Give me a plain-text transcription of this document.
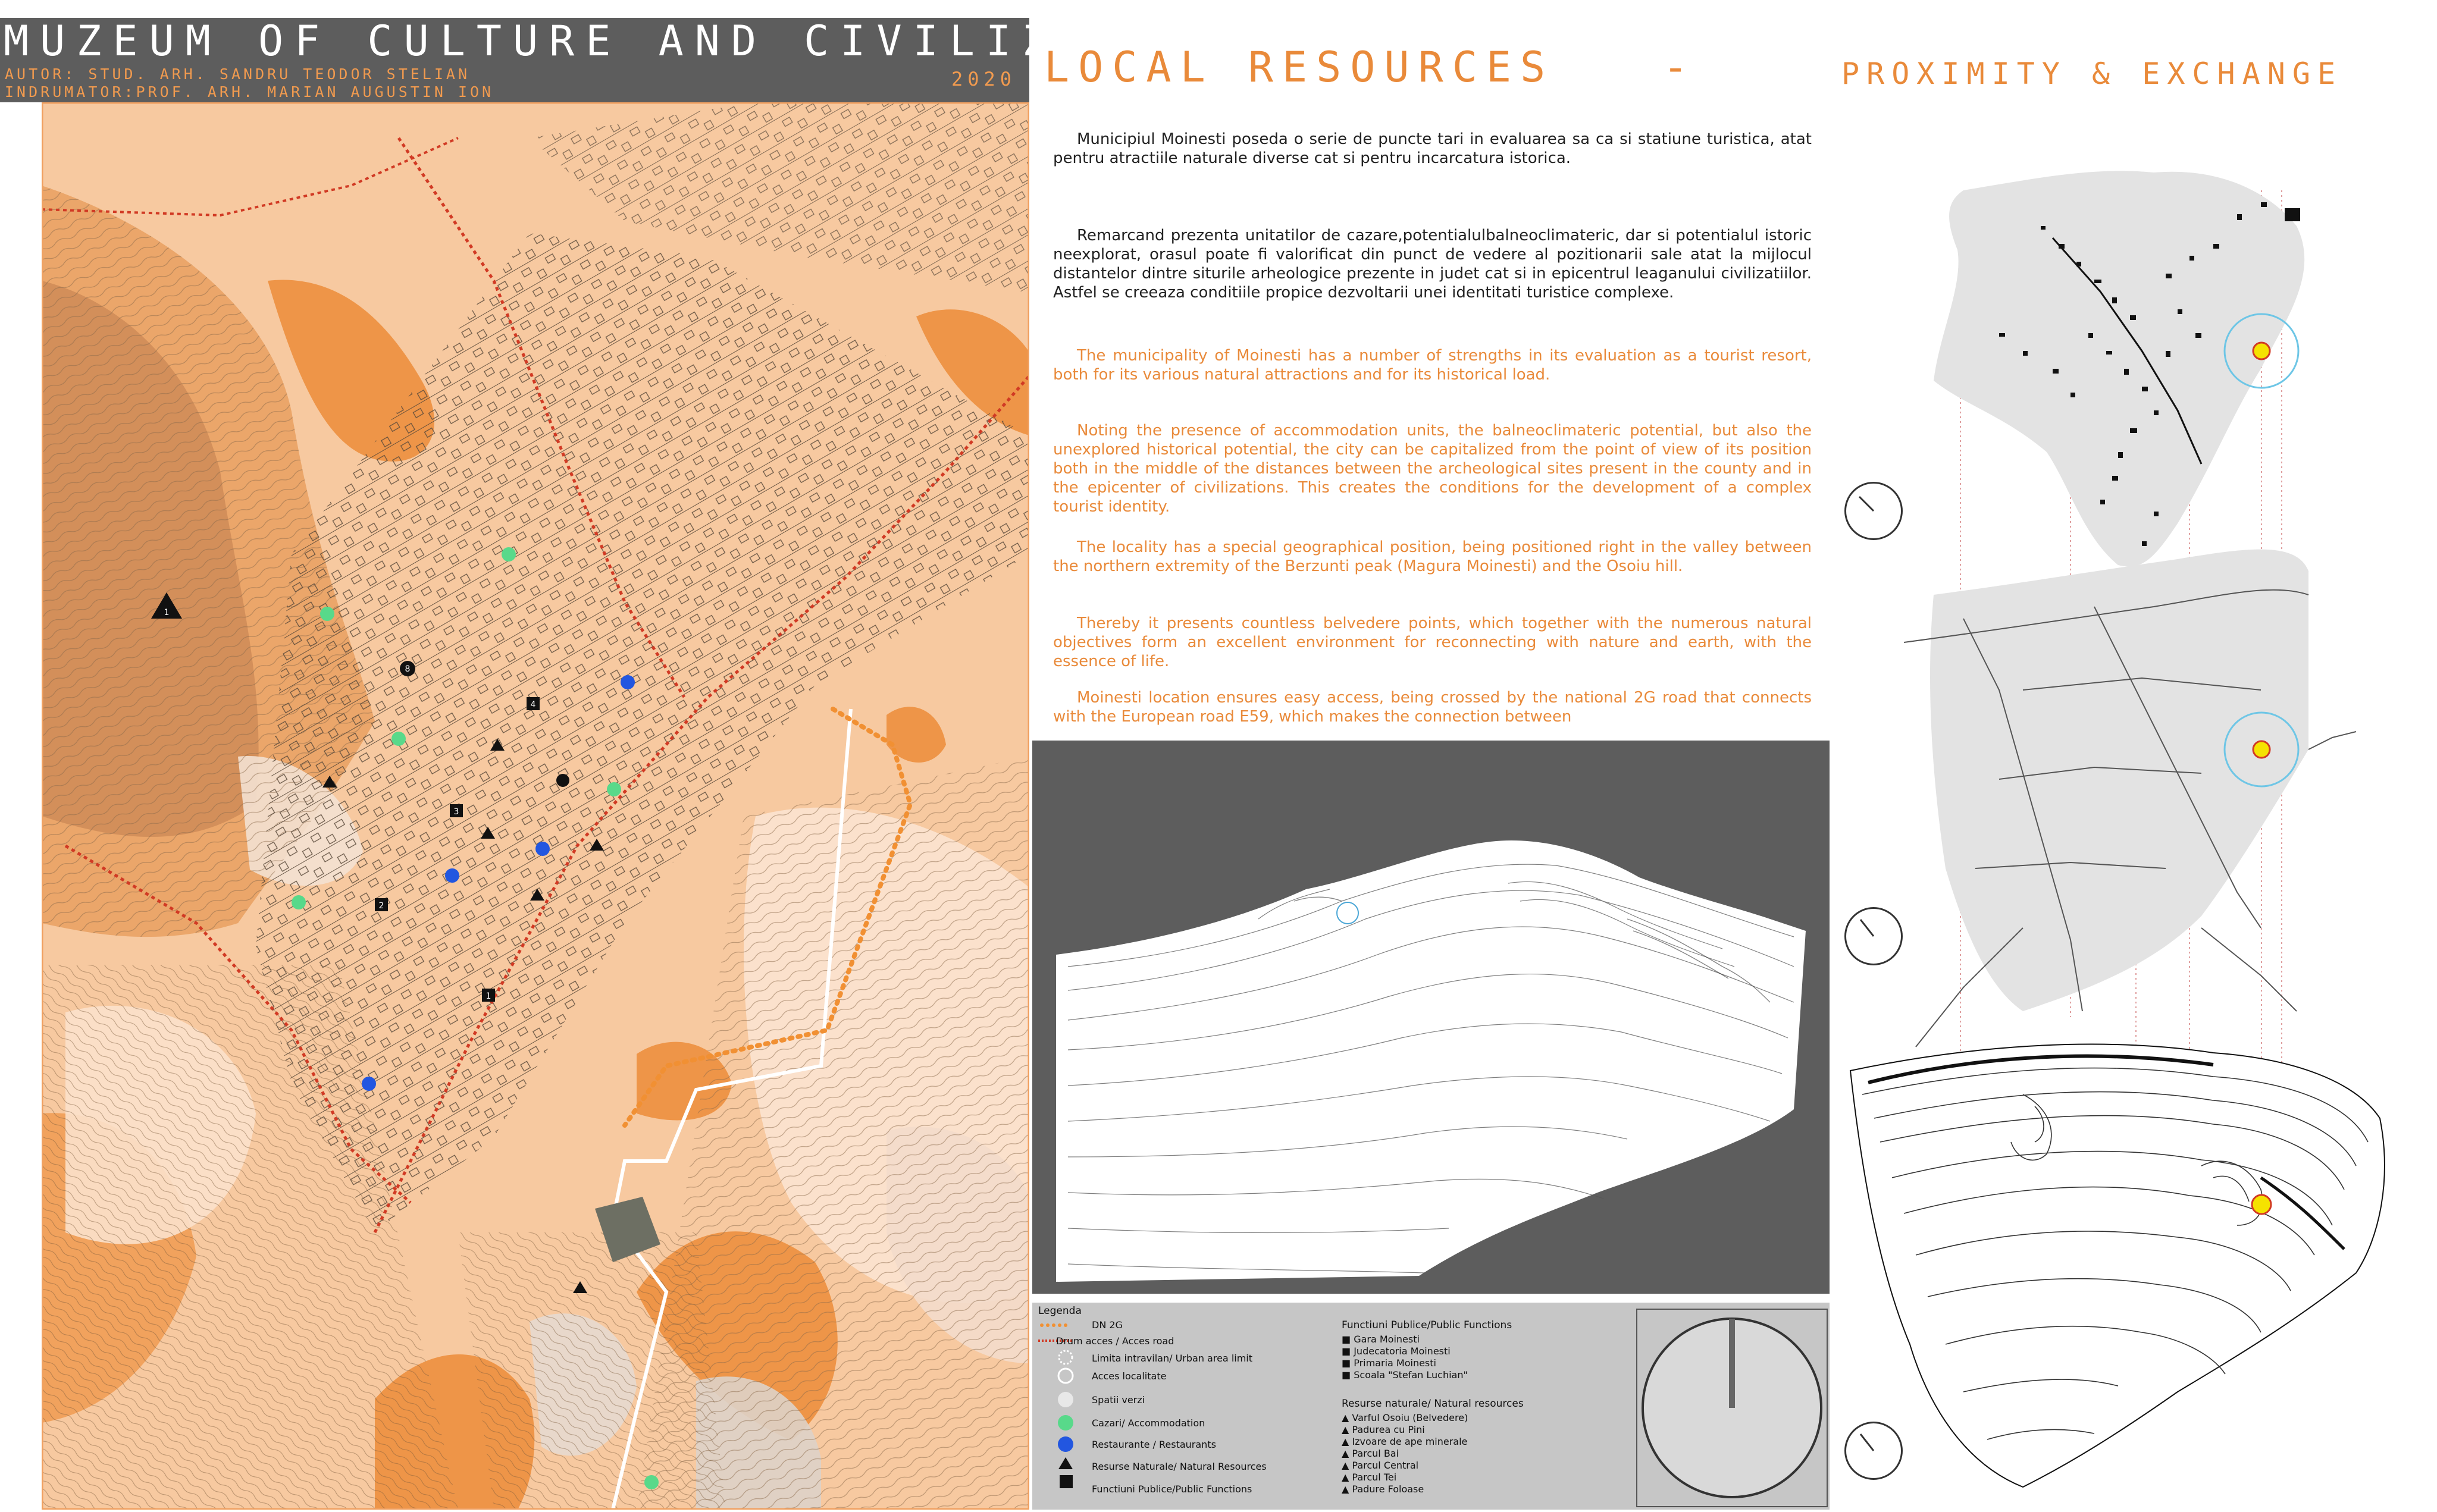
MUZEUM OF CULTURE AND CIVILIZATION
AUTOR: STUD. ARH. SANDRU TEODOR STELIAN
INDRUMATOR:PROF. ARH. MARIAN AUGUSTIN ION
2020
1
1
2
3
4
8
LOCAL RESOURCES	-	PROXIMITY & EXCHANGE
Municipiul Moinesti poseda o serie de puncte tari in evaluarea sa ca si statiune turistica, atat pentru atractiile naturale diverse cat si pentru incarcatura istorica.
Remarcand prezenta unitatilor de cazare,potentialulbalneoclimateric, dar si potentialul istoric neexplorat, orasul poate fi valorificat din punct de vedere al pozitionarii sale atat la mijlocul distantelor dintre siturile arheologice prezente in judet cat si in epicentrul leaganului civilizatiilor. Astfel se creeaza conditiile propice dezvoltarii unei identitati turistice complexe.
The municipality of Moinesti has a number of strengths in its evaluation as a tourist resort, both for its various natural attractions and for its historical load.
Noting the presence of accommodation units, the balneoclimateric potential, but also the unexplored historical potential, the city can be capitalized from the point of view of its position both in the middle of the distances between the archeological sites present in the county and in the epicenter of civilizations. This creates the conditions for the development of a complex tourist identity.
The locality has a special geographical position, being positioned right in the valley between the northern extremity of the Berzunti peak (Magura Moinesti) and the Osoiu hill.
Thereby it presents countless belvedere points, which together with the numerous natural objectives form an excellent environment for reconnecting with nature and earth, with the essence of life.
Moinesti location ensures easy access, being crossed by the national 2G road that connects with the European road E59, which makes the connection between
Legenda
DN 2G
Drum acces / Acces road
Limita intravilan/ Urban area limit
Acces localitate
Spatii verzi
Cazari/ Accommodation
Restaurante / Restaurants
Resurse Naturale/ Natural Resources
Functiuni Publice/Public Functions
Functiuni Publice/Public Functions
■ Gara Moinesti
■ Judecatoria Moinesti
■ Primaria Moinesti
■ Scoala "Stefan Luchian"
Resurse naturale/ Natural resources
▲ Varful Osoiu (Belvedere)
▲ Padurea cu Pini
▲ Izvoare de ape minerale
▲ Parcul Bai
▲ Parcul Central
▲ Parcul Tei
▲ Padure Foloase
